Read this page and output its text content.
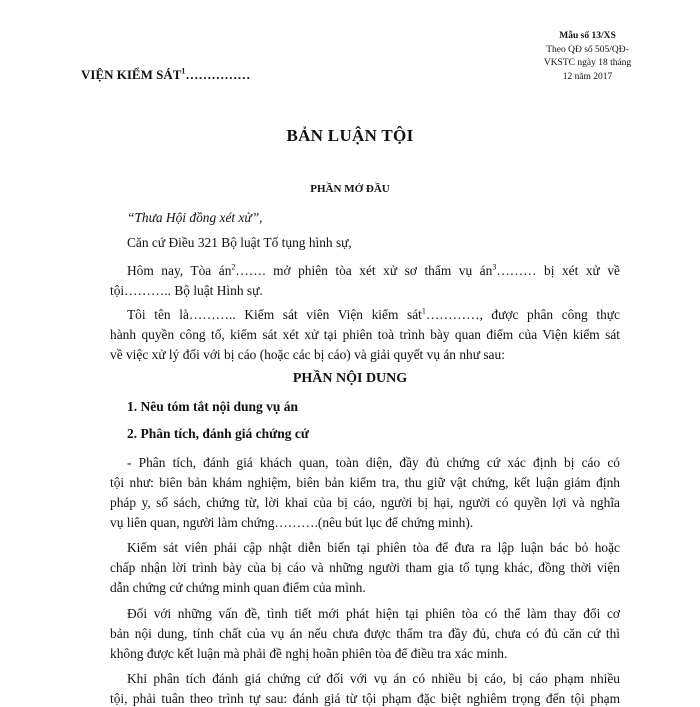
Mẫu số 13/XS
Theo QĐ số 505/QĐ-
VKSTC ngày 18 tháng
12 năm 2017
VIỆN KIỂM SÁT$^1$……………
BẢN LUẬN TỘI
PHẦN MỞ ĐẦU
“Thưa Hội đồng xét xử”,
Căn cứ Điều 321 Bộ luật Tố tụng hình sự,
Hôm nay, Tòa $án^2\dots\dots$. mở phiên tòa xét xử sơ thẩm vụ $án^3\dots\dots\dots$ bị xét xử về
tội……….. Bộ luật Hình sự.
Tôi tên là……….. Kiểm sát viên Viện kiểm sát$^1$…………, được phân công thực
hành quyền công tố, kiểm sát xét xử tại phiên toà trình bày quan điểm của Viện kiểm sát
về việc xử lý đối với bị cáo (hoặc các bị cáo) và giải quyết vụ án như sau:
PHẦN NỘI DUNG
1. Nêu tóm tắt nội dung vụ án
2. Phân tích, đánh giá chứng cứ
- Phân tích, đánh giá khách quan, toàn diện, đầy đủ chứng cứ xác định bị cáo có
tội như: biên bản khám nghiệm, biên bản kiểm tra, thu giữ vật chứng, kết luận giám định
pháp y, sổ sách, chứng từ, lời khai của bị cáo, người bị hại, người có quyền lợi và nghĩa
vụ liên quan, người làm chứng……….(nêu bút lục để chứng minh).
Kiểm sát viên phải cập nhật diễn biến tại phiên tòa để đưa ra lập luận bác bỏ hoặc
chấp nhận lời trình bày của bị cáo và những người tham gia tố tụng khác, đồng thời viện
dẫn chứng cứ chứng minh quan điểm của mình.
Đối với những vấn đề, tình tiết mới phát hiện tại phiên tòa có thể làm thay đổi cơ
bản nội dung, tính chất của vụ án nếu chưa được thẩm tra đầy đủ, chưa có đủ căn cứ thì
không được kết luận mà phải đề nghị hoãn phiên tòa để điều tra xác minh.
Khi phân tích đánh giá chứng cứ đối với vụ án có nhiều bị cáo, bị cáo phạm nhiều
tội, phải tuân theo trình tự sau: đánh giá từ tội phạm đặc biệt nghiêm trọng đến tội phạm
